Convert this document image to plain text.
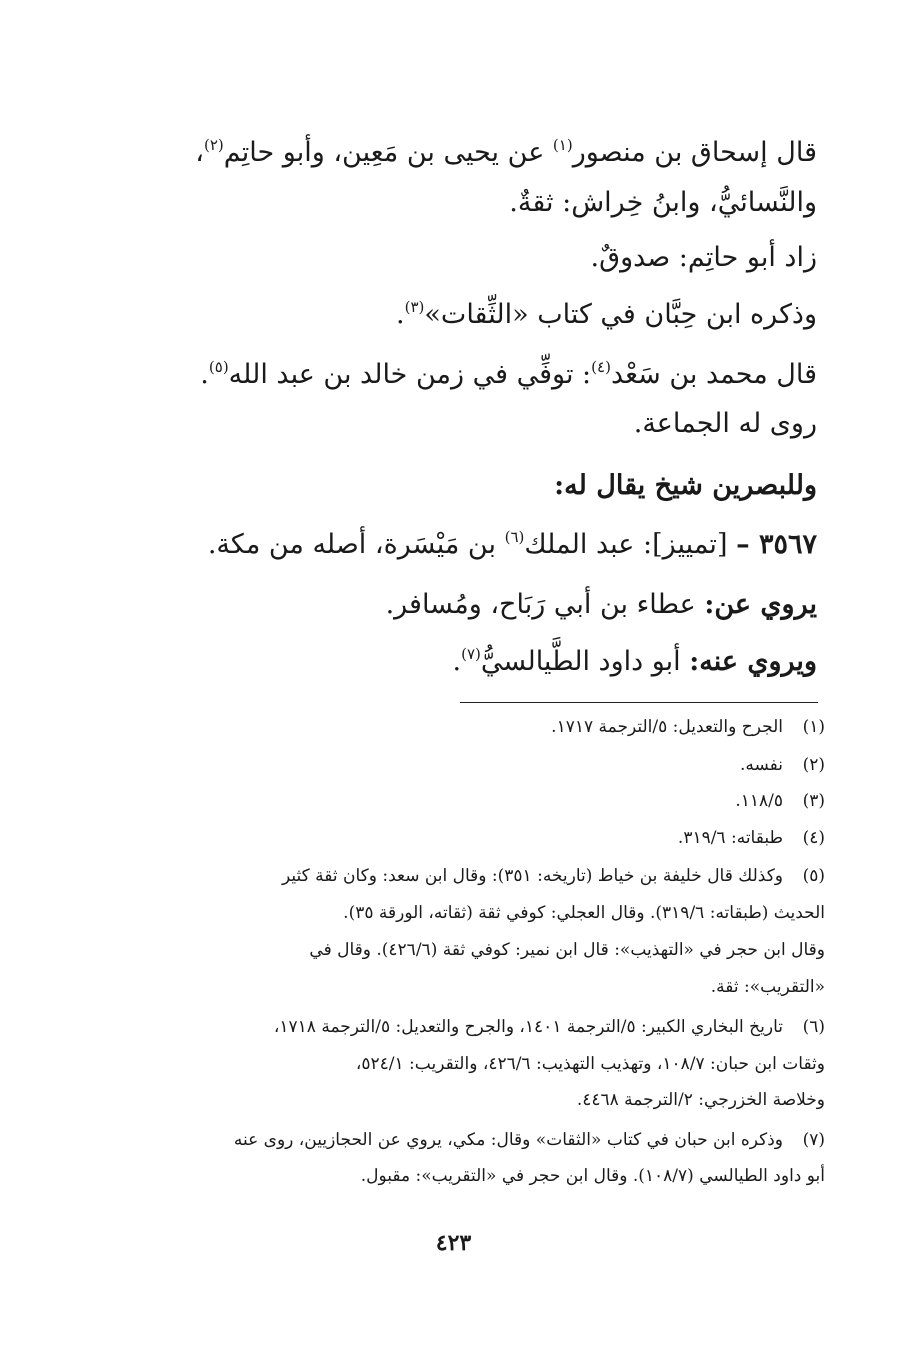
قال إسحاق بن منصور$^{(١)}$ عن يحيى بن مَعِين، وأبو حاتِم$^{(٢)}$،
والنَّسائيُّ، وابنُ خِراش: ثقةٌ.
زاد أبو حاتِم: صدوقٌ.
وذكره ابن حِبَّان في كتاب «الثِّقات»$^{(٣)}$.
قال محمد بن سَعْد$^{(٤)}$: توفِّي في زمن خالد بن عبد الله$^{(٥)}$.
روى له الجماعة.
وللبصرين شيخ يقال له:
٣٥٦٧ – [تمييز]: عبد الملك$^{(٦)}$ بن مَيْسَرة، أصله من مكة.
يروي عن: عطاء بن أبي رَبَاح، ومُسافر.
ويروي عنه: أبو داود الطَّيالسيُّ$^{(٧)}$.
(١)الجرح والتعديل: ٥/الترجمة ١٧١٧.
(٢)نفسه.
(٣)١١٨/٥.
(٤)طبقاته: ٣١٩/٦.
(٥)وكذلك قال خليفة بن خياط (تاريخه: ٣٥١): وقال ابن سعد: وكان ثقة كثير
الحديث (طبقاته: ٣١٩/٦). وقال العجلي: كوفي ثقة (ثقاته، الورقة ٣٥).
وقال ابن حجر في «التهذيب»: قال ابن نمير: كوفي ثقة (٤٢٦/٦). وقال في
«التقريب»: ثقة.
(٦)تاريخ البخاري الكبير: ٥/الترجمة ١٤٠١، والجرح والتعديل: ٥/الترجمة ١٧١٨،
وثقات ابن حبان: ١٠٨/٧، وتهذيب التهذيب: ٤٢٦/٦، والتقريب: ٥٢٤/١،
وخلاصة الخزرجي: ٢/الترجمة ٤٤٦٨.
(٧)وذكره ابن حبان في كتاب «الثقات» وقال: مكي، يروي عن الحجازيين، روى عنه
أبو داود الطيالسي (١٠٨/٧). وقال ابن حجر في «التقريب»: مقبول.
٤٢٣
